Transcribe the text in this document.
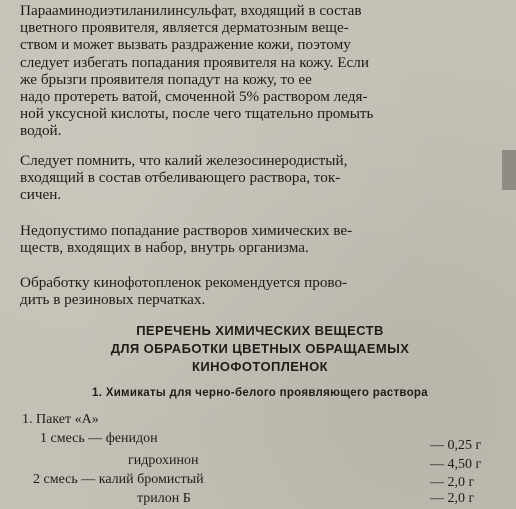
Парааминодиэтиланилинсульфат, входящий в состав
цветного проявителя, является дерматозным веще-
ством и может вызвать раздражение кожи, поэтому
следует избегать попадания проявителя на кожу. Если
же брызги проявителя попадут на кожу, то ее
надо протереть ватой, смоченной 5% раствором ледя-
ной уксусной кислоты, после чего тщательно промыть
водой.
Следует помнить, что калий железосинеродистый,
входящий в состав отбеливающего раствора, ток-
сичен.
Недопустимо попадание растворов химических ве-
ществ, входящих в набор, внутрь организма.
Обработку кинофотопленок рекомендуется прово-
дить в резиновых перчатках.
ПЕРЕЧЕНЬ ХИМИЧЕСКИХ ВЕЩЕСТВ
ДЛЯ ОБРАБОТКИ ЦВЕТНЫХ ОБРАЩАЕМЫХ
КИНОФОТОПЛЕНОК
1. Химикаты для черно-белого проявляющего раствора
1. Пакет «А»
1 смесь — фенидон	— 0,25 г
гидрохинон	— 4,50 г
2 смесь — калий бромистый	— 2,0 г
трилон Б	— 2,0 г
